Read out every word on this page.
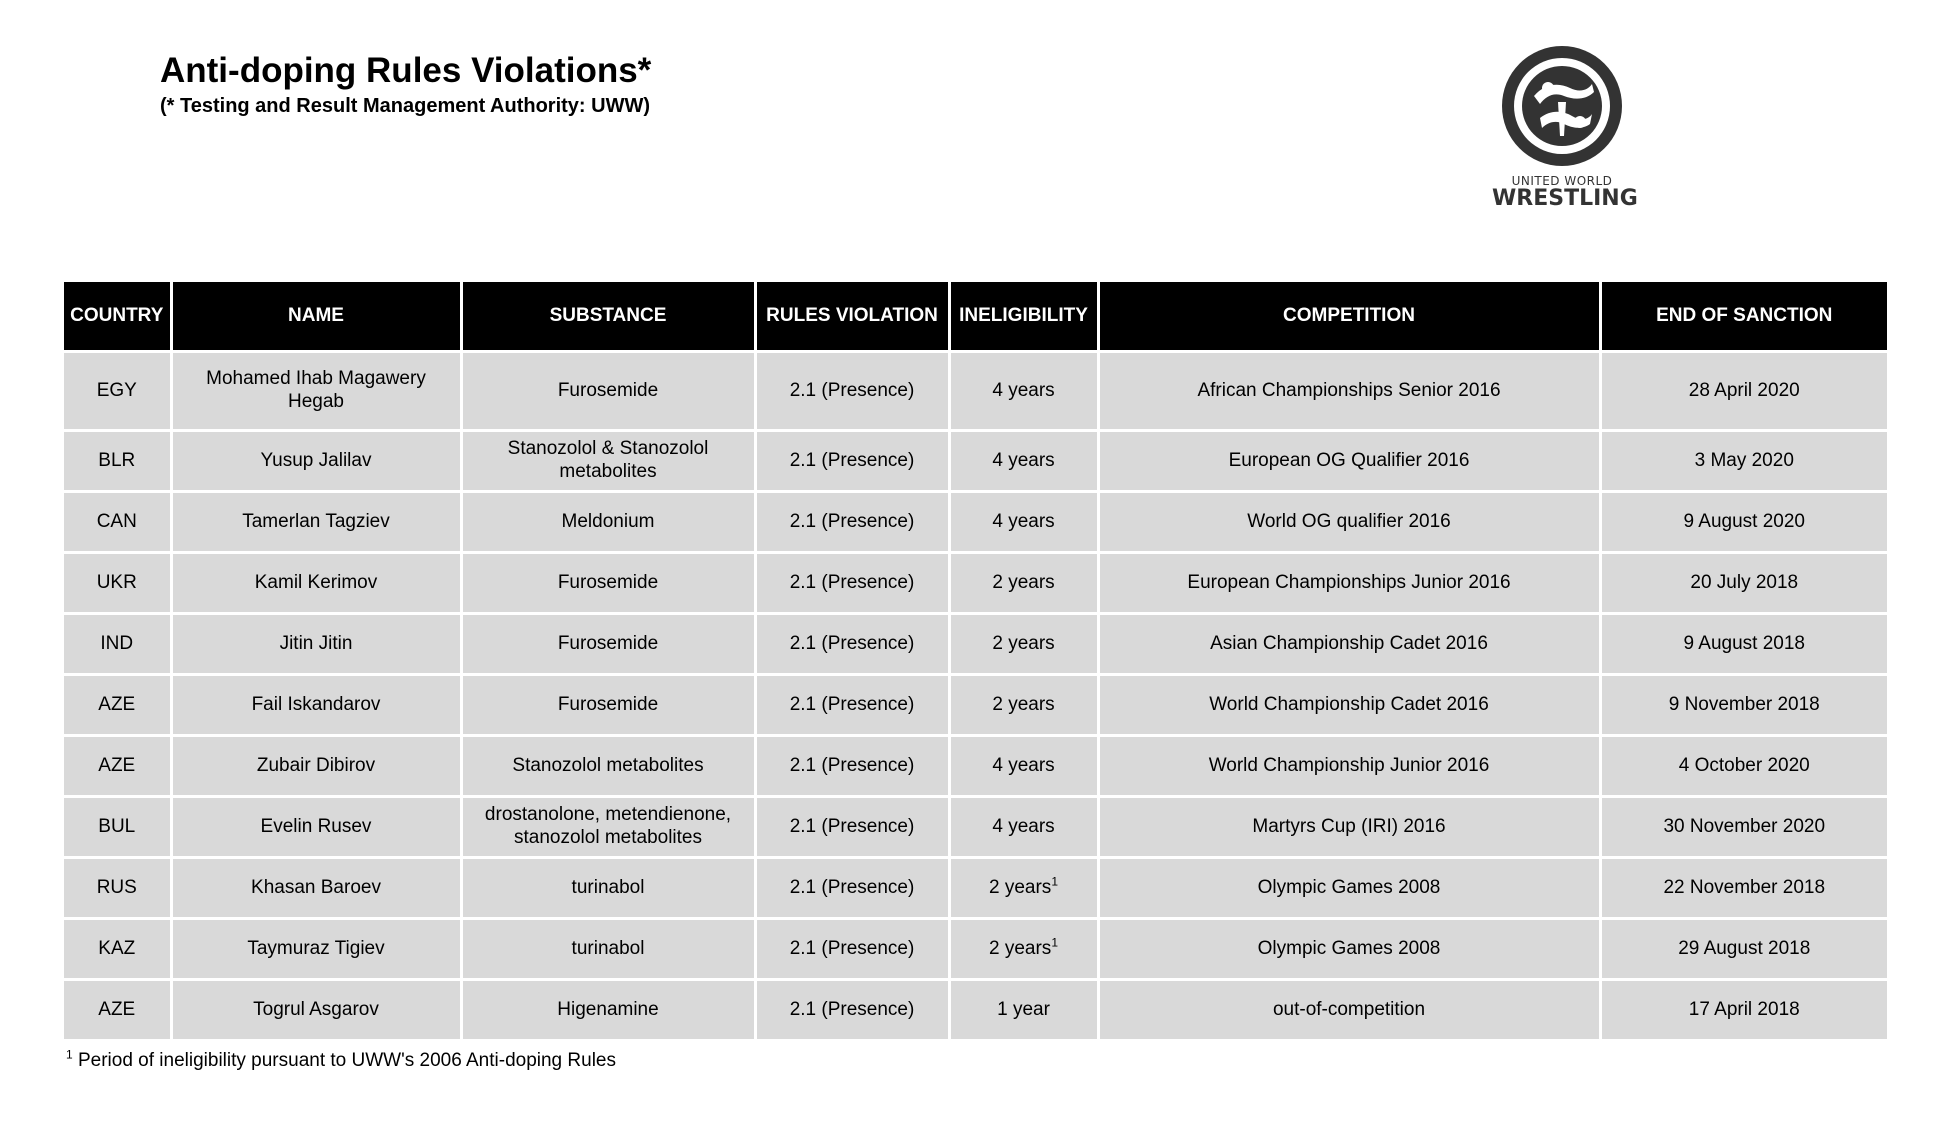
Anti-doping Rules Violations*
(* Testing and Result Management Authority: UWW)
UNITED WORLD
WRESTLING
COUNTRY	NAME	SUBSTANCE	RULES VIOLATION	INELIGIBILITY	COMPETITION	END OF SANCTION
EGY	Mohamed Ihab Magawery Hegab	Furosemide	2.1 (Presence)	4 years	African Championships Senior 2016	28 April 2020
BLR	Yusup Jalilav	Stanozolol & Stanozolol metabolites	2.1 (Presence)	4 years	European OG Qualifier 2016	3 May 2020
CAN	Tamerlan Tagziev	Meldonium	2.1 (Presence)	4 years	World OG qualifier 2016	9 August 2020
UKR	Kamil Kerimov	Furosemide	2.1 (Presence)	2 years	European Championships Junior 2016	20 July 2018
IND	Jitin Jitin	Furosemide	2.1 (Presence)	2 years	Asian Championship Cadet 2016	9 August 2018
AZE	Fail Iskandarov	Furosemide	2.1 (Presence)	2 years	World Championship Cadet 2016	9 November 2018
AZE	Zubair Dibirov	Stanozolol metabolites	2.1 (Presence)	4 years	World Championship Junior 2016	4 October 2020
BUL	Evelin Rusev	drostanolone, metendienone, stanozolol metabolites	2.1 (Presence)	4 years	Martyrs Cup (IRI) 2016	30 November 2020
RUS	Khasan Baroev	turinabol	2.1 (Presence)	2 years$^1$	Olympic Games 2008	22 November 2018
KAZ	Taymuraz Tigiev	turinabol	2.1 (Presence)	2 years$^1$	Olympic Games 2008	29 August 2018
AZE	Togrul Asgarov	Higenamine	2.1 (Presence)	1 year	out-of-competition	17 April 2018
$^1$ Period of ineligibility pursuant to UWW's 2006 Anti-doping Rules
